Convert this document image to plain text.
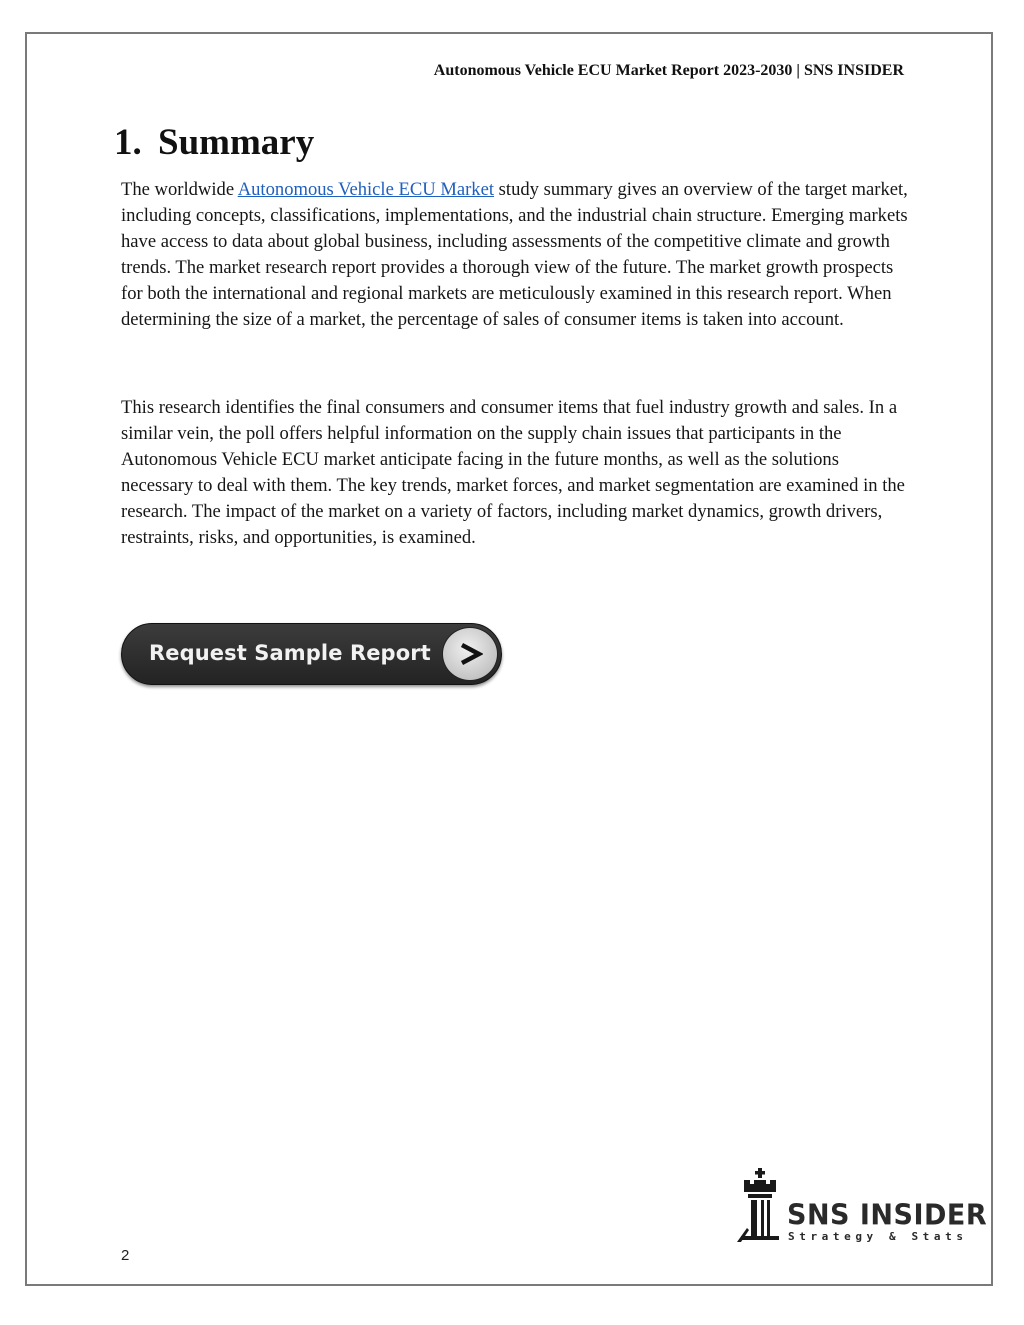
Autonomous Vehicle ECU Market Report 2023-2030 | SNS INSIDER
1. Summary

The worldwide Autonomous Vehicle ECU Market study summary gives an overview of the target market, including concepts, classifications, implementations, and the industrial chain structure. Emerging markets have access to data about global business, including assessments of the competitive climate and growth trends. The market research report provides a thorough view of the future. The market growth prospects for both the international and regional markets are meticulously examined in this research report. When determining the size of a market, the percentage of sales of consumer items is taken into account.

This research identifies the final consumers and consumer items that fuel industry growth and sales. In a similar vein, the poll offers helpful information on the supply chain issues that participants in the Autonomous Vehicle ECU market anticipate facing in the future months, as well as the solutions necessary to deal with them. The key trends, market forces, and market segmentation are examined in the research. The impact of the market on a variety of factors, including market dynamics, growth drivers, restraints, risks, and opportunities, is examined.

Request Sample Report
SNS INSIDER
Strategy & Stats
2
